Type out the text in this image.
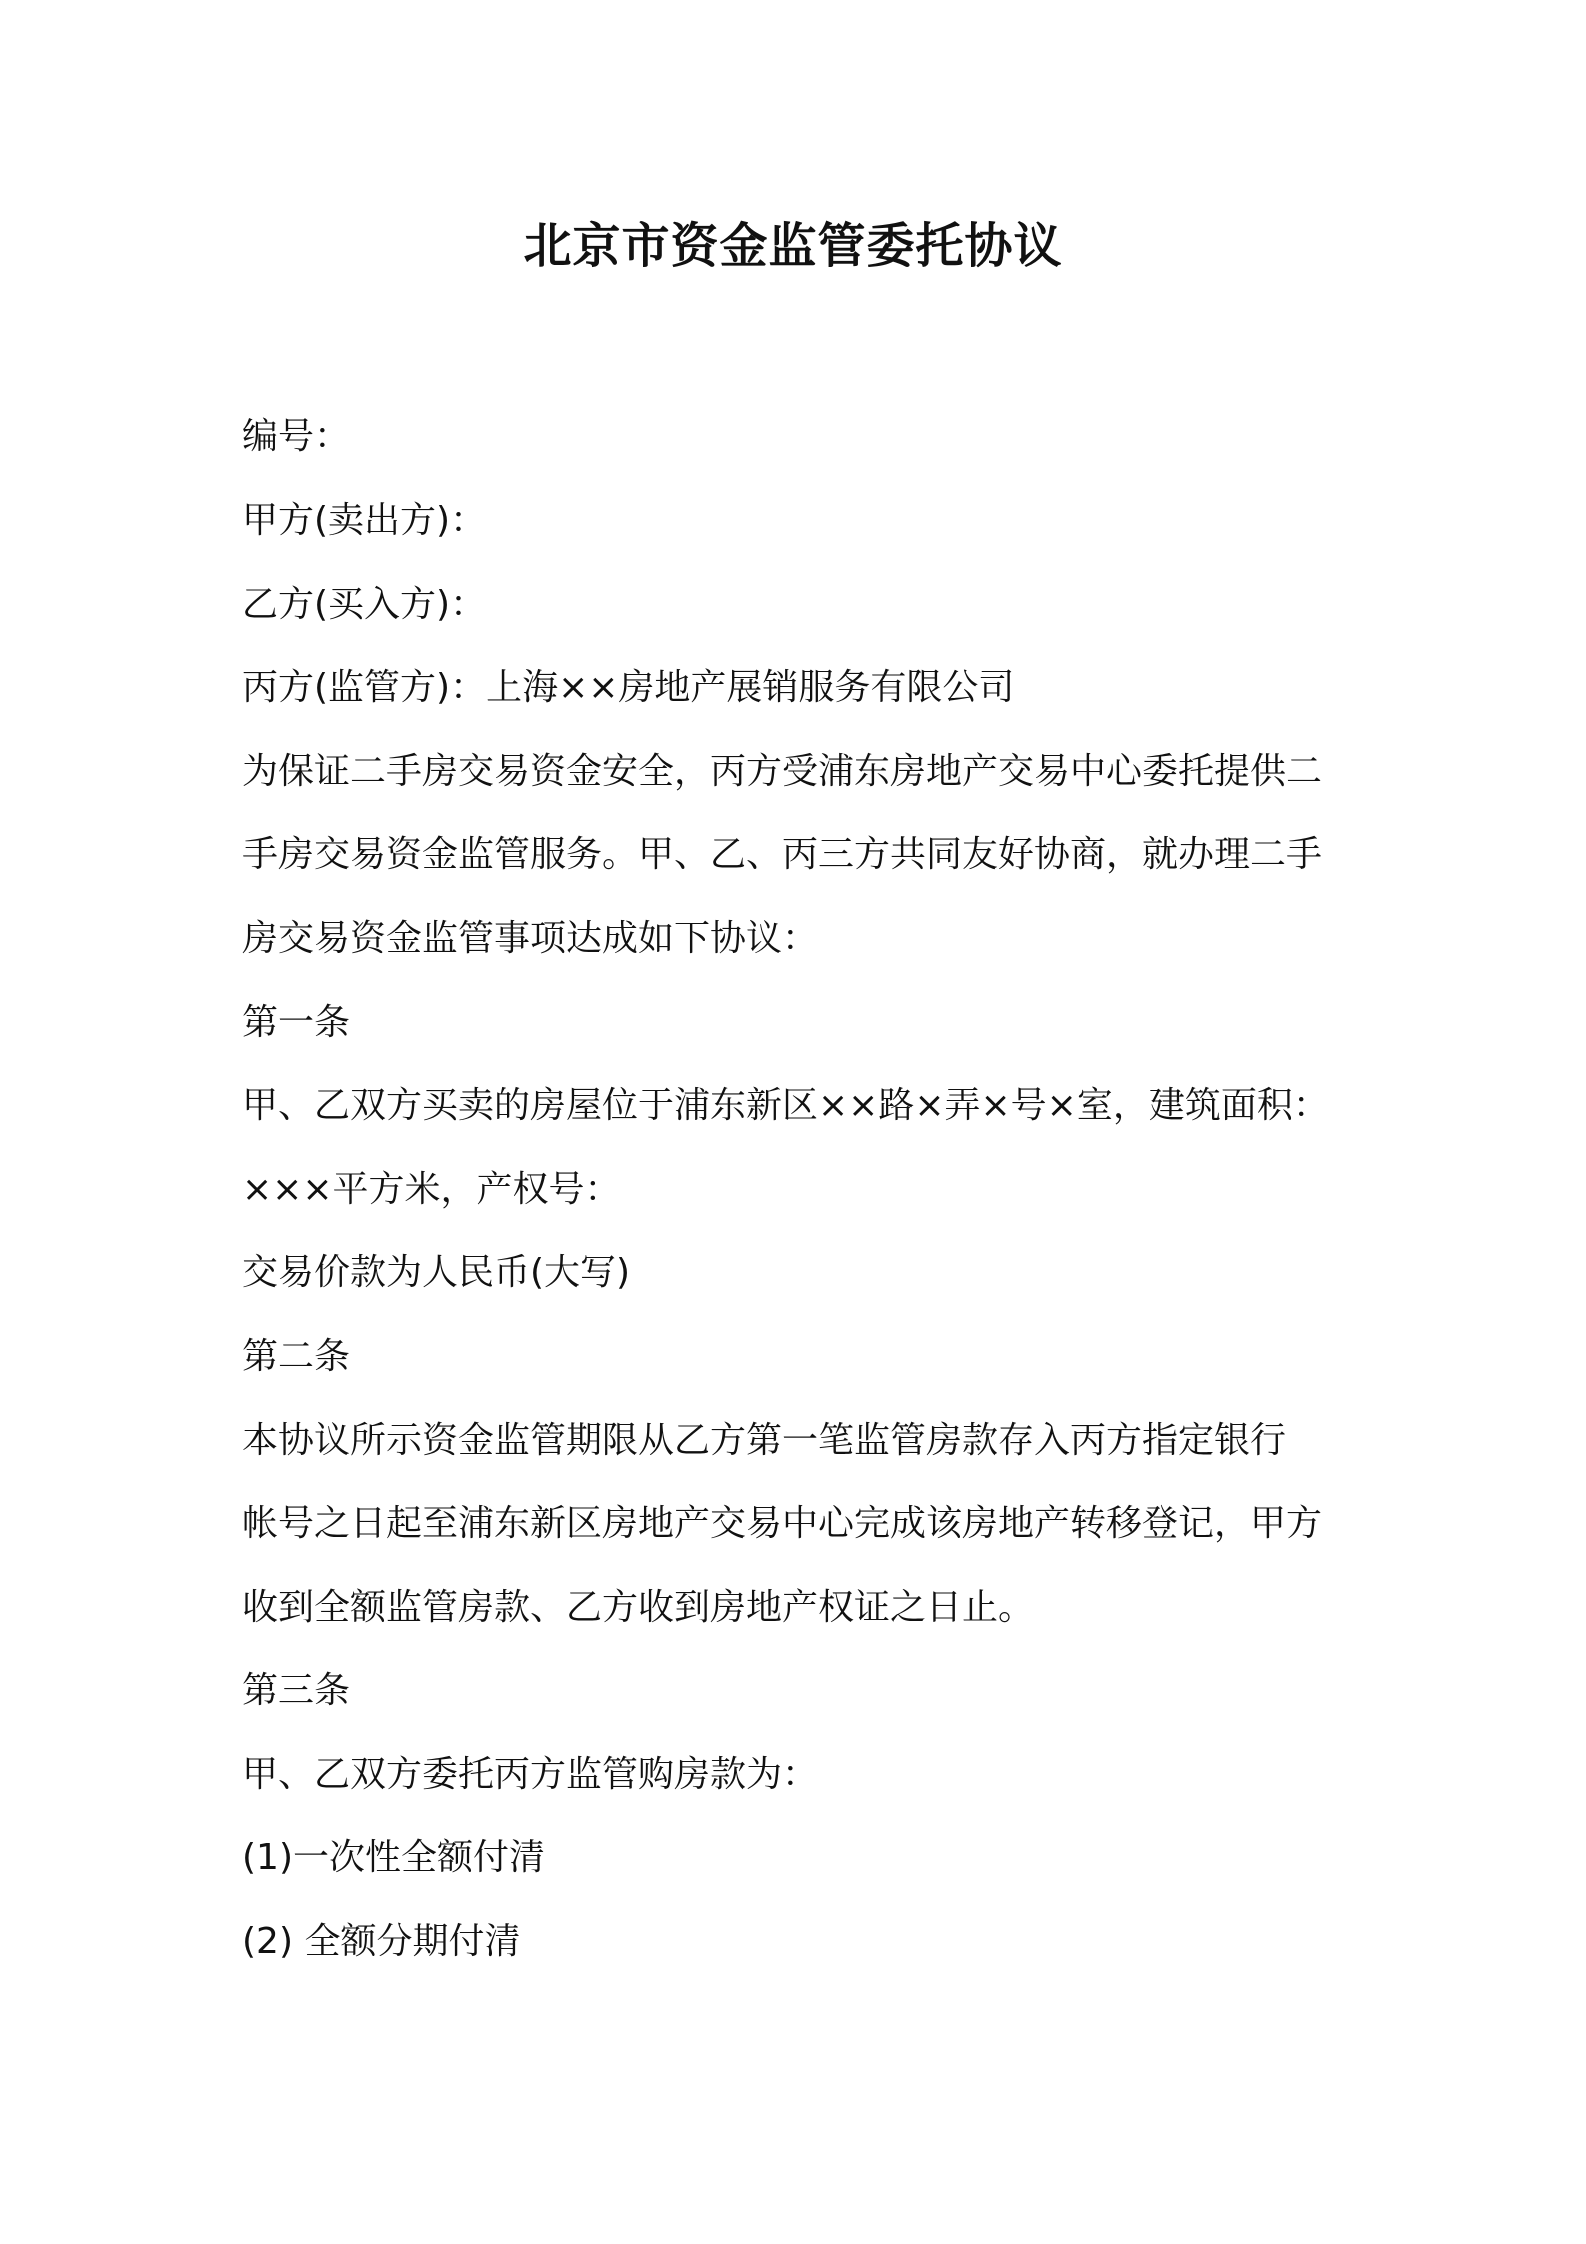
北京市资金监管委托协议
编号：
甲方(卖出方)：
乙方(买入方)：
丙方(监管方)：上海××房地产展销服务有限公司
为保证二手房交易资金安全，丙方受浦东房地产交易中心委托提供二
手房交易资金监管服务。甲、乙、丙三方共同友好协商，就办理二手
房交易资金监管事项达成如下协议：
第一条
甲、乙双方买卖的房屋位于浦东新区××路×弄×号×室，建筑面积：
×××平方米，产权号：
交易价款为人民币(大写)
第二条
本协议所示资金监管期限从乙方第一笔监管房款存入丙方指定银行
帐号之日起至浦东新区房地产交易中心完成该房地产转移登记，甲方
收到全额监管房款、乙方收到房地产权证之日止。
第三条
甲、乙双方委托丙方监管购房款为：
(1)一次性全额付清
(2) 全额分期付清
